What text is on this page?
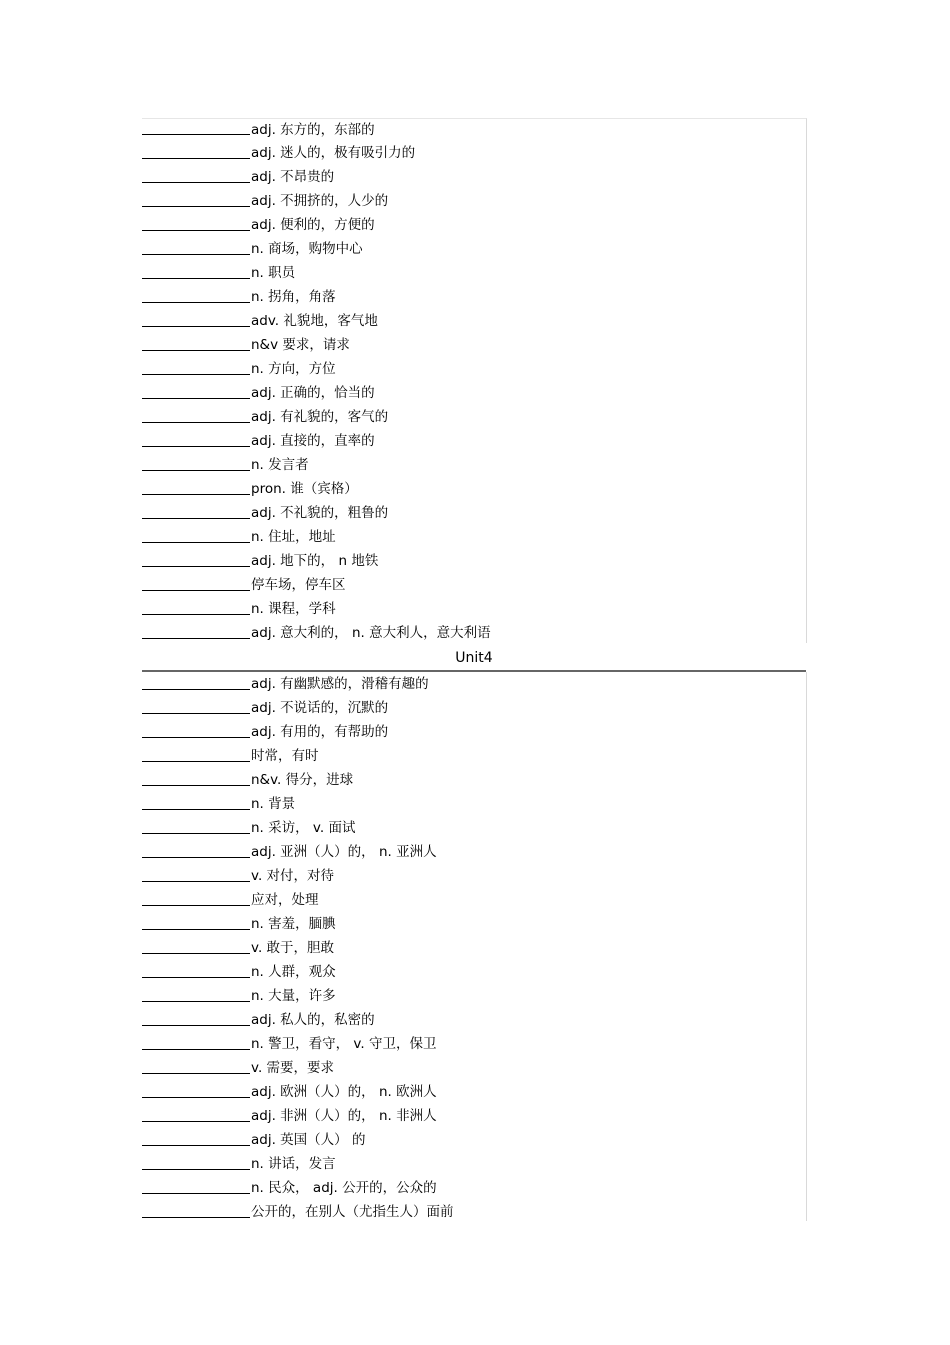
adj. 东方的，东部的
adj. 迷人的，极有吸引力的
adj. 不昂贵的
adj. 不拥挤的，人少的
adj. 便利的，方便的
n. 商场，购物中心
n. 职员
n. 拐角，角落
adv. 礼貌地，客气地
n&v 要求，请求
n. 方向，方位
adj. 正确的，恰当的
adj. 有礼貌的，客气的
adj. 直接的，直率的
n. 发言者
pron. 谁（宾格）
adj. 不礼貌的，粗鲁的
n. 住址，地址
adj. 地下的， n 地铁
停车场，停车区
n. 课程，学科
adj. 意大利的， n. 意大利人，意大利语
Unit4
adj. 有幽默感的，滑稽有趣的
adj. 不说话的，沉默的
adj. 有用的，有帮助的
时常，有时
n&v. 得分，进球
n. 背景
n. 采访， v. 面试
adj. 亚洲（人）的， n. 亚洲人
v. 对付，对待
应对，处理
n. 害羞，腼腆
v. 敢于，胆敢
n. 人群，观众
n. 大量，许多
adj. 私人的，私密的
n. 警卫，看守， v. 守卫，保卫
v. 需要，要求
adj. 欧洲（人）的， n. 欧洲人
adj. 非洲（人）的， n. 非洲人
adj. 英国（人） 的
n. 讲话，发言
n. 民众， adj. 公开的，公众的
公开的，在别人（尤指生人）面前
